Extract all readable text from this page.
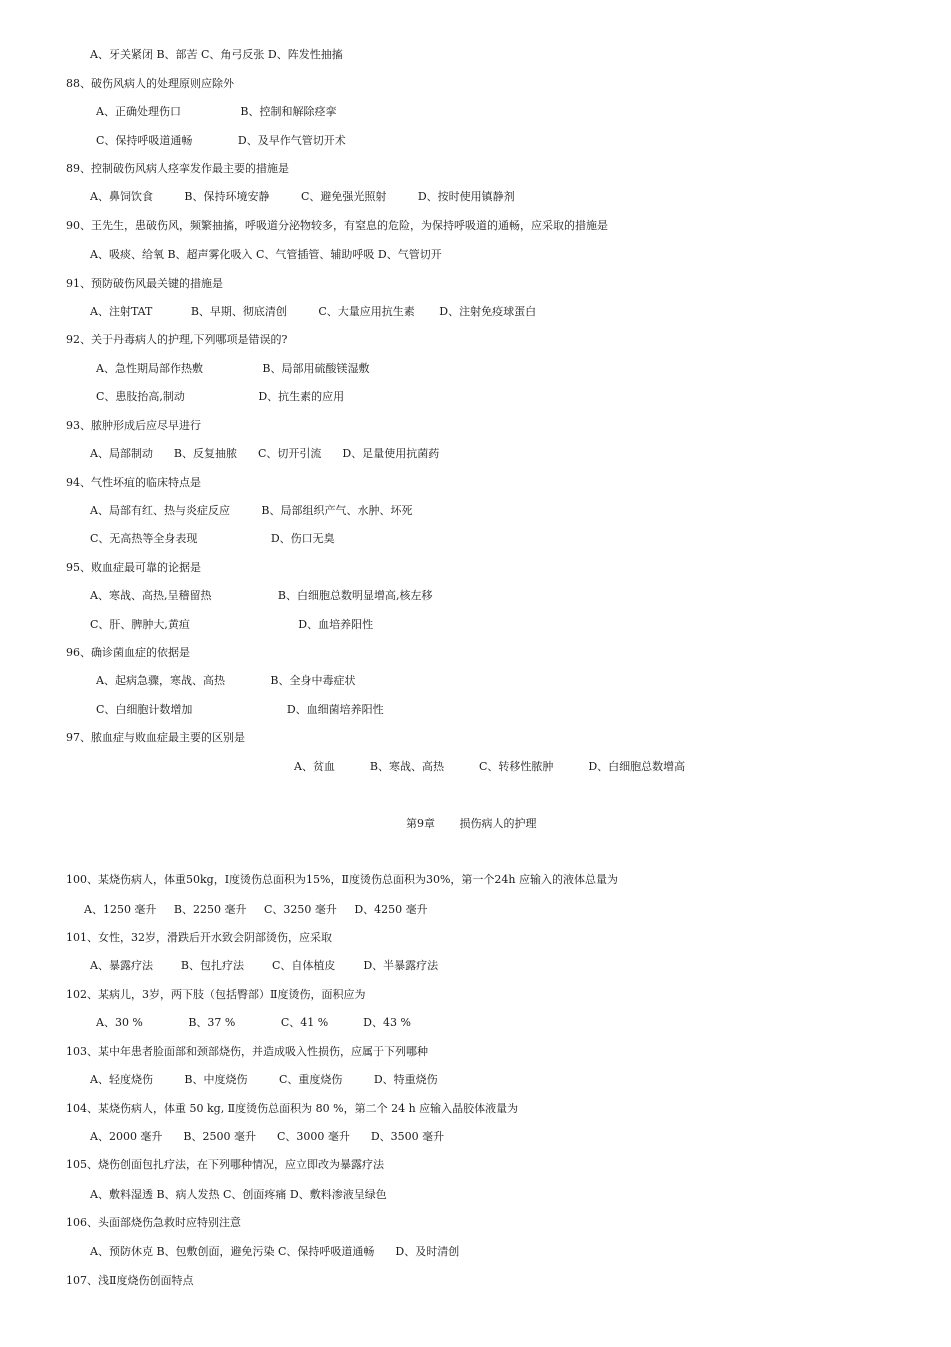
A、牙关紧闭 B、部苦 C、角弓反张 D、阵发性抽搐
88、破伤风病人的处理原则应除外
A、正确处理伤口                 B、控制和解除痉挛
C、保持呼吸道通畅             D、及早作气管切开术
89、控制破伤风病人痉挛发作最主要的措施是
A、鼻饲饮食         B、保持环境安静         C、避免强光照射         D、按时使用镇静剂
90、王先生，患破伤风，频繁抽搐，呼吸道分泌物较多，有窒息的危险，为保持呼吸道的通畅，应采取的措施是
A、吸痰、给氧 B、超声雾化吸入 C、气管插管、辅助呼吸 D、气管切开
91、预防破伤风最关键的措施是
A、注射TAT           B、早期、彻底清创         C、大量应用抗生素       D、注射免疫球蛋白
92、关于丹毒病人的护理,下列哪项是错误的?
A、急性期局部作热敷                 B、局部用硫酸镁湿敷
C、患肢抬高,制动                     D、抗生素的应用
93、脓肿形成后应尽早进行
A、局部制动      B、反复抽脓      C、切开引流      D、足量使用抗菌药
94、气性坏疽的临床特点是
A、局部有红、热与炎症反应         B、局部组织产气、水肿、坏死
C、无高热等全身表现                     D、伤口无臭
95、败血症最可靠的论据是
A、寒战、高热,呈稽留热                   B、白细胞总数明显增高,核左移
C、肝、脾肿大,黄疸                               D、血培养阳性
96、确诊菌血症的依据是
A、起病急骤，寒战、高热             B、全身中毒症状
C、白细胞计数增加                           D、血细菌培养阳性
97、脓血症与败血症最主要的区别是
A、贫血          B、寒战、高热          C、转移性脓肿          D、白细胞总数增高
第9章       损伤病人的护理
100、某烧伤病人，体重50kg，I度烫伤总面积为15%，Ⅱ度烫伤总面积为30%，第一个24h 应输入的液体总量为
A、1250 毫升     B、2250 毫升     C、3250 毫升     D、4250 毫升
101、女性，32岁，滑跌后开水致会阴部烫伤，应采取
A、暴露疗法        B、包扎疗法        C、自体植皮        D、半暴露疗法
102、某病儿，3岁，两下肢（包括臀部）Ⅱ度烫伤，面积应为
A、30 %             B、37 %             C、41 %          D、43 %
103、某中年患者脸面部和颈部烧伤，并造成吸入性损伤，应属于下列哪种
A、轻度烧伤         B、中度烧伤         C、重度烧伤         D、特重烧伤
104、某烧伤病人，体重 50 kg, Ⅱ度烫伤总面积为 80 %，第二个 24 h 应输入晶胶体液量为
A、2000 毫升      B、2500 毫升      C、3000 毫升      D、3500 毫升
105、烧伤创面包扎疗法，在下列哪种情况，应立即改为暴露疗法
A、敷料湿透 B、病人发热 C、创面疼痛 D、敷料渗液呈绿色
106、头面部烧伤急救时应特别注意
A、预防休克 B、包敷创面，避免污染 C、保持呼吸道通畅      D、及时清创
107、浅Ⅱ度烧伤创面特点
